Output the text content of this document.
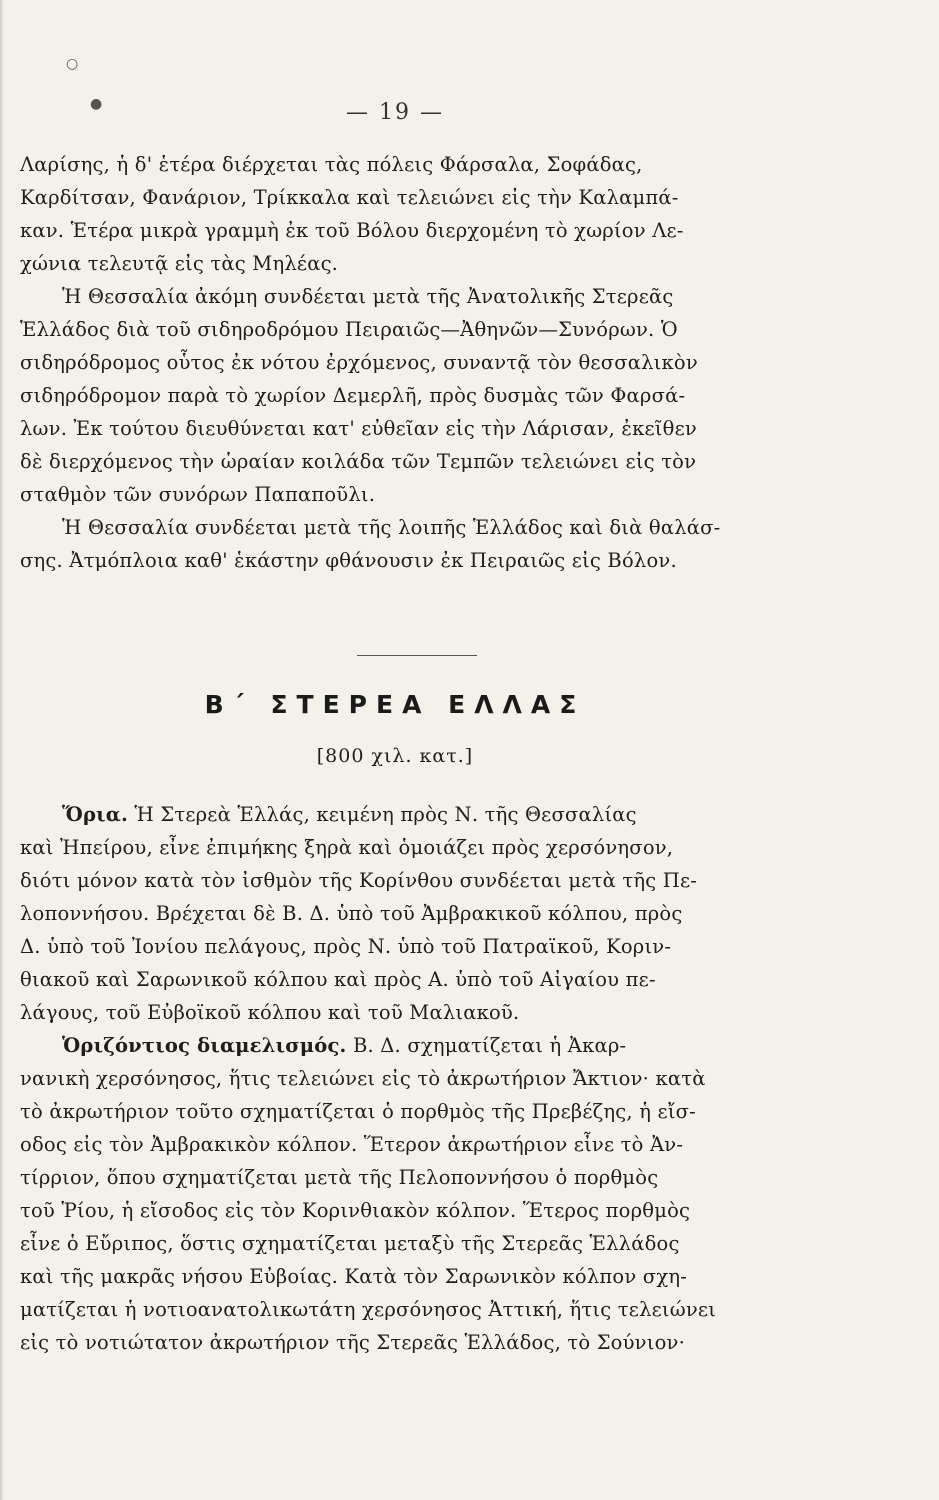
○
●	— 19 —
Λαρίσης, ἡ δ' ἑτέρα διέρχεται τὰς πόλεις Φάρσαλα, Σοφάδας,
Καρδίτσαν, Φανάριον, Τρίκκαλα καὶ τελειώνει εἰς τὴν Καλαμπά-
καν. Ἑτέρα μικρὰ γραμμὴ ἐκ τοῦ Βόλου διερχομένη τὸ χωρίον Λε-
χώνια τελευτᾷ εἰς τὰς Μηλέας.
Ἡ Θεσσαλία ἀκόμη συνδέεται μετὰ τῆς Ἀνατολικῆς Στερεᾶς
Ἑλλάδος διὰ τοῦ σιδηροδρόμου Πειραιῶς—Ἀθηνῶν—Συνόρων. Ὁ
σιδηρόδρομος οὗτος ἐκ νότου ἐρχόμενος, συναντᾷ τὸν θεσσαλικὸν
σιδηρόδρομον παρὰ τὸ χωρίον Δεμερλῆ, πρὸς δυσμὰς τῶν Φαρσά-
λων. Ἐκ τούτου διευθύνεται κατ' εὐθεῖαν εἰς τὴν Λάρισαν, ἐκεῖθεν
δὲ διερχόμενος τὴν ὡραίαν κοιλάδα τῶν Τεμπῶν τελειώνει εἰς τὸν
σταθμὸν τῶν συνόρων Παπαποῦλι.
Ἡ Θεσσαλία συνδέεται μετὰ τῆς λοιπῆς Ἑλλάδος καὶ διὰ θαλάσ-
σης. Ἀτμόπλοια καθ' ἑκάστην φθάνουσιν ἐκ Πειραιῶς εἰς Βόλον.
Β΄ ΣΤΕΡΕΑ ΕΛΛΑΣ
[800 χιλ. κατ.]
Ὅρια. Ἡ Στερεὰ Ἑλλάς, κειμένη πρὸς Ν. τῆς Θεσσαλίας
καὶ Ἠπείρου, εἶνε ἐπιμήκης ξηρὰ καὶ ὁμοιάζει πρὸς χερσόνησον,
διότι μόνον κατὰ τὸν ἰσθμὸν τῆς Κορίνθου συνδέεται μετὰ τῆς Πε-
λοποννήσου. Βρέχεται δὲ Β. Δ. ὑπὸ τοῦ Ἀμβρακικοῦ κόλπου, πρὸς
Δ. ὑπὸ τοῦ Ἰονίου πελάγους, πρὸς Ν. ὑπὸ τοῦ Πατραϊκοῦ, Κοριν-
θιακοῦ καὶ Σαρωνικοῦ κόλπου καὶ πρὸς Α. ὑπὸ τοῦ Αἰγαίου πε-
λάγους, τοῦ Εὐβοϊκοῦ κόλπου καὶ τοῦ Μαλιακοῦ.
Ὁριζόντιος διαμελισμός. Β. Δ. σχηματίζεται ἡ Ἀκαρ-
νανικὴ χερσόνησος, ἥτις τελειώνει εἰς τὸ ἀκρωτήριον Ἄκτιον· κατὰ
τὸ ἀκρωτήριον τοῦτο σχηματίζεται ὁ πορθμὸς τῆς Πρεβέζης, ἡ εἴσ-
οδος εἰς τὸν Ἀμβρακικὸν κόλπον. Ἕτερον ἀκρωτήριον εἶνε τὸ Ἀν-
τίρριον, ὅπου σχηματίζεται μετὰ τῆς Πελοποννήσου ὁ πορθμὸς
τοῦ Ῥίου, ἡ εἴσοδος εἰς τὸν Κορινθιακὸν κόλπον. Ἕτερος πορθμὸς
εἶνε ὁ Εὔριπος, ὅστις σχηματίζεται μεταξὺ τῆς Στερεᾶς Ἑλλάδος
καὶ τῆς μακρᾶς νήσου Εὐβοίας. Κατὰ τὸν Σαρωνικὸν κόλπον σχη-
ματίζεται ἡ νοτιοανατολικωτάτη χερσόνησος Ἀττική, ἥτις τελειώνει
εἰς τὸ νοτιώτατον ἀκρωτήριον τῆς Στερεᾶς Ἑλλάδος, τὸ Σούνιον·
